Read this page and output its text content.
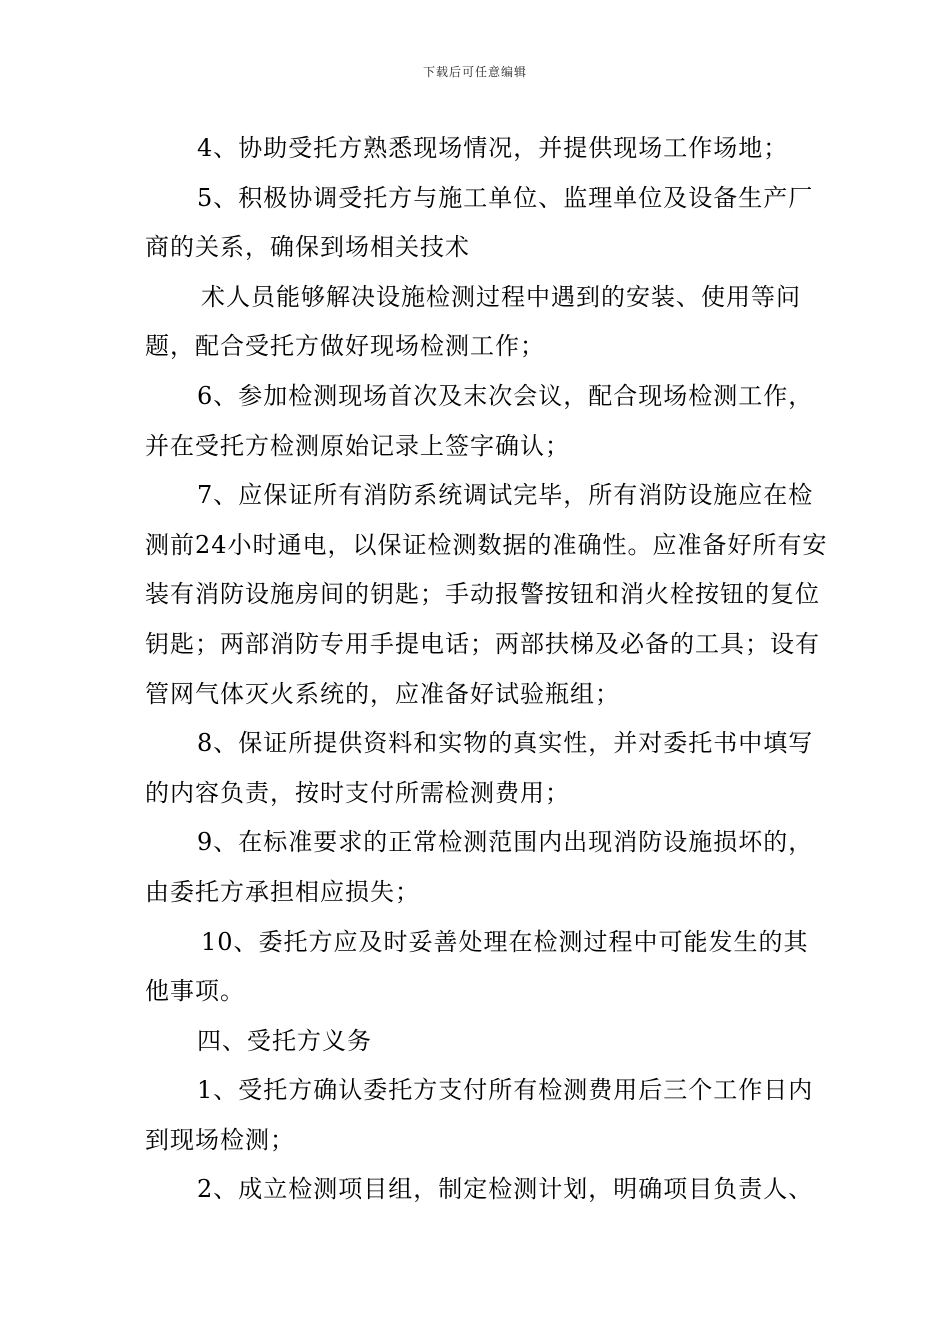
下载后可任意编辑

4、协助受托方熟悉现场情况，并提供现场工作场地；

5、积极协调受托方与施工单位、监理单位及设备生产厂商的关系，确保到场相关技术

术人员能够解决设施检测过程中遇到的安装、使用等问题，配合受托方做好现场检测工作；

6、参加检测现场首次及末次会议，配合现场检测工作，并在受托方检测原始记录上签字确认；

7、应保证所有消防系统调试完毕，所有消防设施应在检测前24小时通电，以保证检测数据的准确性。应准备好所有安装有消防设施房间的钥匙；手动报警按钮和消火栓按钮的复位钥匙；两部消防专用手提电话；两部扶梯及必备的工具；设有管网气体灭火系统的，应准备好试验瓶组；

8、保证所提供资料和实物的真实性，并对委托书中填写的内容负责，按时支付所需检测费用；

9、在标准要求的正常检测范围内出现消防设施损坏的，由委托方承担相应损失；

10、委托方应及时妥善处理在检测过程中可能发生的其他事项。

四、受托方义务

1、受托方确认委托方支付所有检测费用后三个工作日内到现场检测；

2、成立检测项目组，制定检测计划，明确项目负责人、
